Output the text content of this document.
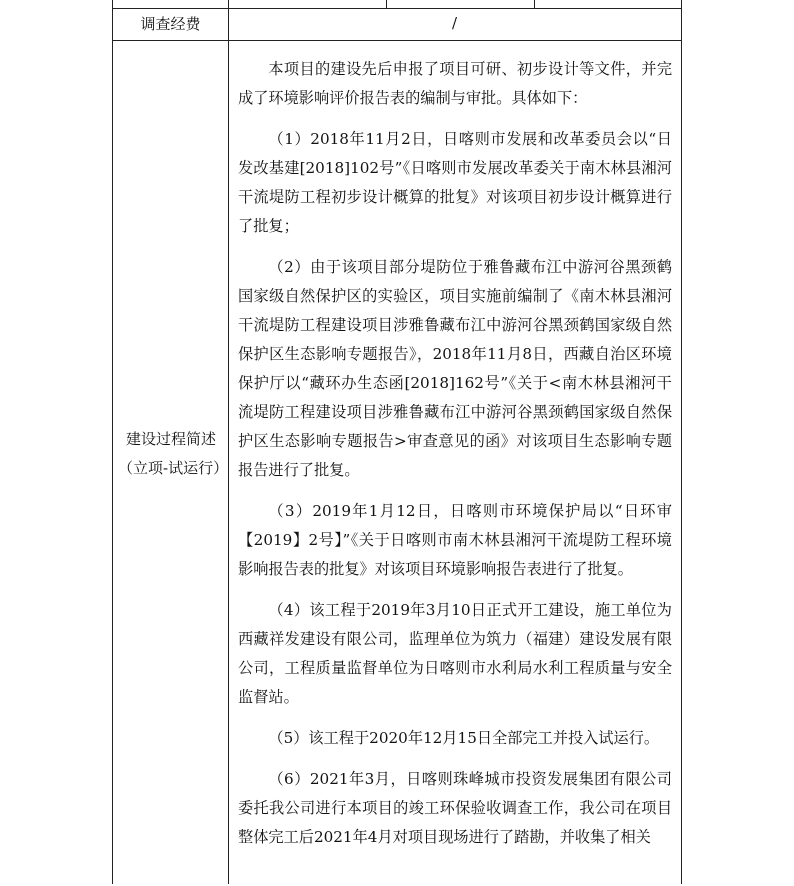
调查经费	/
建设过程简述（立项-试运行）

本项目的建设先后申报了项目可研、初步设计等文件，并完成了环境影响评价报告表的编制与审批。具体如下：

（1）2018年11月2日，日喀则市发展和改革委员会以“日发改基建[2018]102号”《日喀则市发展改革委关于南木林县湘河干流堤防工程初步设计概算的批复》对该项目初步设计概算进行了批复；

（2）由于该项目部分堤防位于雅鲁藏布江中游河谷黑颈鹤国家级自然保护区的实验区，项目实施前编制了《南木林县湘河干流堤防工程建设项目涉雅鲁藏布江中游河谷黑颈鹤国家级自然保护区生态影响专题报告》，2018年11月8日，西藏自治区环境保护厅以“藏环办生态函[2018]162号”《关于<南木林县湘河干流堤防工程建设项目涉雅鲁藏布江中游河谷黑颈鹤国家级自然保护区生态影响专题报告>审查意见的函》对该项目生态影响专题报告进行了批复。

（3）2019年1月12日，日喀则市环境保护局以“日环审【2019】2号】”《关于日喀则市南木林县湘河干流堤防工程环境影响报告表的批复》对该项目环境影响报告表进行了批复。

（4）该工程于2019年3月10日正式开工建设，施工单位为西藏祥发建设有限公司，监理单位为筑力（福建）建设发展有限公司，工程质量监督单位为日喀则市水利局水利工程质量与安全监督站。

（5）该工程于2020年12月15日全部完工并投入试运行。

（6）2021年3月，日喀则珠峰城市投资发展集团有限公司委托我公司进行本项目的竣工环保验收调查工作，我公司在项目整体完工后2021年4月对项目现场进行了踏勘，并收集了相关
